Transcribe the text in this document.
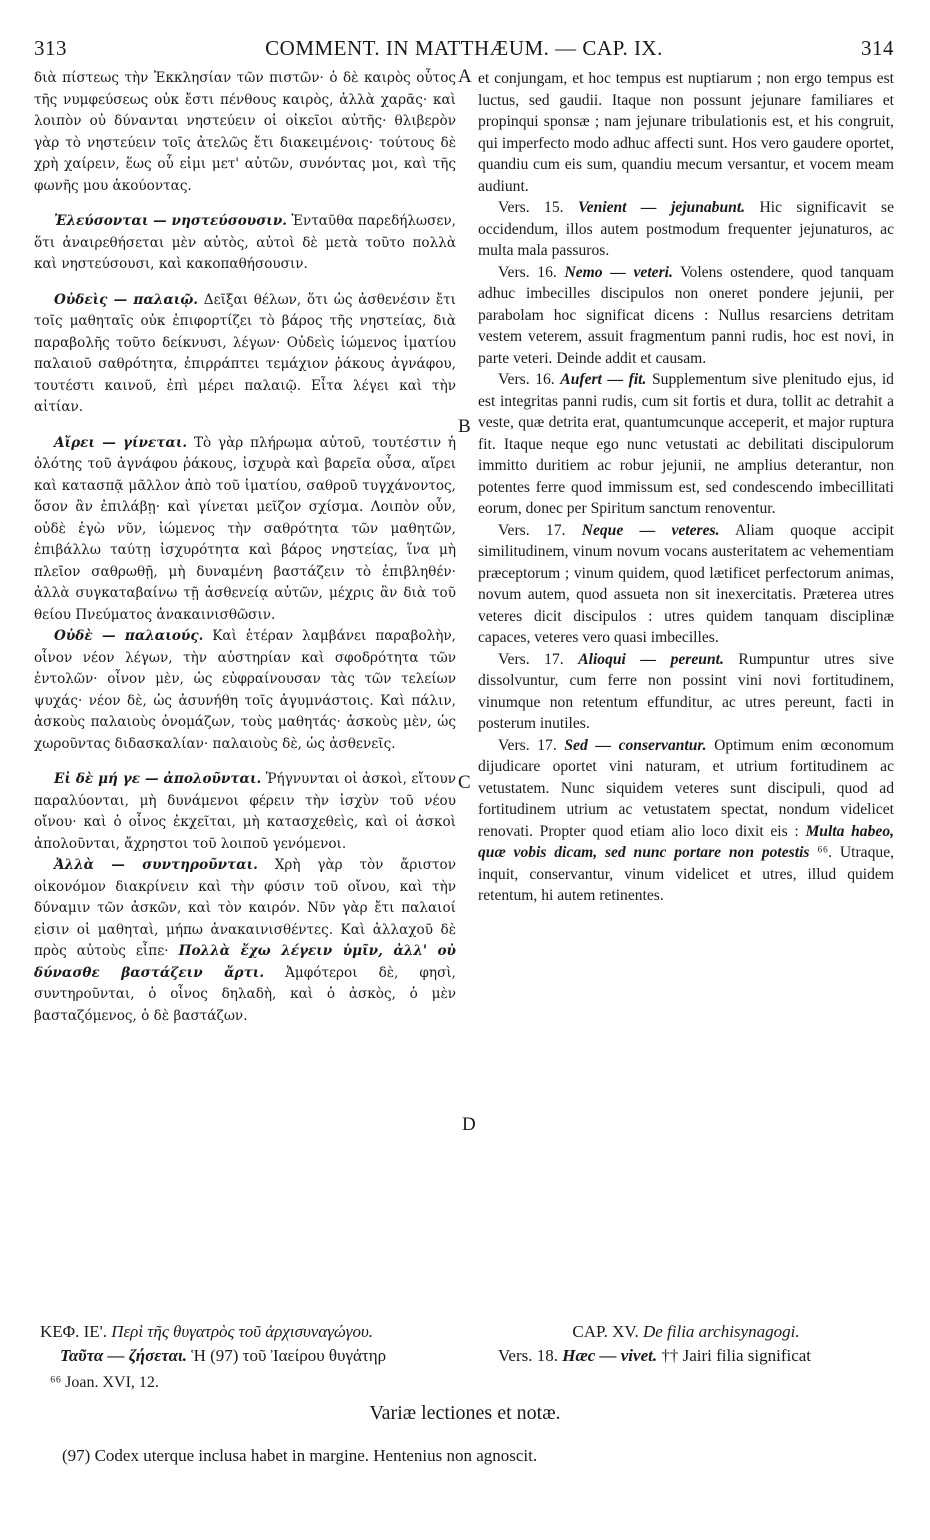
313	COMMENT. IN MATTHÆUM. — CAP. IX.	314
A
B
C
D

διὰ πίστεως τὴν Ἐκκλησίαν τῶν πιστῶν· ὁ δὲ καιρὸς οὗτος τῆς νυμφεύσεως οὐκ ἔστι πένθους καιρὸς, ἀλλὰ χαρᾶς· καὶ λοιπὸν οὐ δύνανται νηστεύειν οἱ οἰκεῖοι αὐτῆς· θλιβερὸν γὰρ τὸ νηστεύειν τοῖς ἀτελῶς ἔτι διακειμένοις· τούτους δὲ χρὴ χαίρειν, ἕως οὗ εἰμι μετ' αὐτῶν, συνόντας μοι, καὶ τῆς φωνῆς μου ἀκούοντας.

Ἐλεύσονται — νηστεύσουσιν. Ἐνταῦθα παρεδήλωσεν, ὅτι ἀναιρεθήσεται μὲν αὐτὸς, αὐτοὶ δὲ μετὰ τοῦτο πολλὰ καὶ νηστεύσουσι, καὶ κακοπαθήσουσιν.

Οὐδεὶς — παλαιῷ. Δεῖξαι θέλων, ὅτι ὡς ἀσθενέσιν ἔτι τοῖς μαθηταῖς οὐκ ἐπιφορτίζει τὸ βάρος τῆς νηστείας, διὰ παραβολῆς τοῦτο δείκνυσι, λέγων· Οὐδεὶς ἰώμενος ἱματίου παλαιοῦ σαθρότητα, ἐπιρράπτει τεμάχιον ῥάκους ἀγνάφου, τουτέστι καινοῦ, ἐπὶ μέρει παλαιῷ. Εἶτα λέγει καὶ τὴν αἰτίαν.

Αἴρει — γίνεται. Τὸ γὰρ πλήρωμα αὐτοῦ, τουτέστιν ἡ ὁλότης τοῦ ἀγνάφου ῥάκους, ἰσχυρὰ καὶ βαρεῖα οὖσα, αἴρει καὶ κατασπᾷ μᾶλλον ἀπὸ τοῦ ἱματίου, σαθροῦ τυγχάνοντος, ὅσον ἂν ἐπιλάβῃ· καὶ γίνεται μεῖζον σχίσμα. Λοιπὸν οὖν, οὐδὲ ἐγὼ νῦν, ἰώμενος τὴν σαθρότητα τῶν μαθητῶν, ἐπιβάλλω ταύτῃ ἰσχυρότητα καὶ βάρος νηστείας, ἵνα μὴ πλεῖον σαθρωθῇ, μὴ δυναμένη βαστάζειν τὸ ἐπιβληθέν· ἀλλὰ συγκαταβαίνω τῇ ἀσθενείᾳ αὐτῶν, μέχρις ἂν διὰ τοῦ θείου Πνεύματος ἀνακαινισθῶσιν.

Οὐδὲ — παλαιούς. Καὶ ἑτέραν λαμβάνει παραβολὴν, οἶνον νέον λέγων, τὴν αὐστηρίαν καὶ σφοδρότητα τῶν ἐντολῶν· οἶνον μὲν, ὡς εὐφραίνουσαν τὰς τῶν τελείων ψυχάς· νέον δὲ, ὡς ἀσυνήθη τοῖς ἀγυμνάστοις. Καὶ πάλιν, ἀσκοὺς παλαιοὺς ὀνομάζων, τοὺς μαθητάς· ἀσκοὺς μὲν, ὡς χωροῦντας διδασκαλίαν· παλαιοὺς δὲ, ὡς ἀσθενεῖς.

Εἰ δὲ μή γε — ἀπολοῦνται. Ῥήγνυνται οἱ ἀσκοὶ, εἴτουν παραλύονται, μὴ δυνάμενοι φέρειν τὴν ἰσχὺν τοῦ νέου οἴνου· καὶ ὁ οἶνος ἐκχεῖται, μὴ κατασχεθεὶς, καὶ οἱ ἀσκοὶ ἀπολοῦνται, ἄχρηστοι τοῦ λοιποῦ γενόμενοι.

Ἀλλὰ — συντηροῦνται. Χρὴ γὰρ τὸν ἄριστον οἰκονόμον διακρίνειν καὶ τὴν φύσιν τοῦ οἴνου, καὶ τὴν δύναμιν τῶν ἀσκῶν, καὶ τὸν καιρόν. Νῦν γὰρ ἔτι παλαιοί εἰσιν οἱ μαθηταὶ, μήπω ἀνακαινισθέντες. Καὶ ἀλλαχοῦ δὲ πρὸς αὐτοὺς εἶπε· Πολλὰ ἔχω λέγειν ὑμῖν, ἀλλ' οὐ δύνασθε βαστάζειν ἄρτι. Ἀμφότεροι δὲ, φησὶ, συντηροῦνται, ὁ οἶνος δηλαδὴ, καὶ ὁ ἀσκὸς, ὁ μὲν βασταζόμενος, ὁ δὲ βαστάζων.

et conjungam, et hoc tempus est nuptiarum ; non ergo tempus est luctus, sed gaudii. Itaque non possunt jejunare familiares et propinqui sponsæ ; nam jejunare tribulationis est, et his congruit, qui imperfecto modo adhuc affecti sunt. Hos vero gaudere oportet, quandiu cum eis sum, quandiu mecum versantur, et vocem meam audiunt.

Vers. 15. Venient — jejunabunt. Hic significavit se occidendum, illos autem postmodum frequenter jejunaturos, ac multa mala passuros.

Vers. 16. Nemo — veteri. Volens ostendere, quod tanquam adhuc imbecilles discipulos non oneret pondere jejunii, per parabolam hoc significat dicens : Nullus resarciens detritam vestem veterem, assuit fragmentum panni rudis, hoc est novi, in parte veteri. Deinde addit et causam.

Vers. 16. Aufert — fit. Supplementum sive plenitudo ejus, id est integritas panni rudis, cum sit fortis et dura, tollit ac detrahit a veste, quæ detrita erat, quantumcunque acceperit, et major ruptura fit. Itaque neque ego nunc vetustati ac debilitati discipulorum immitto duritiem ac robur jejunii, ne amplius deterantur, non potentes ferre quod immissum est, sed condescendo imbecillitati eorum, donec per Spiritum sanctum renoventur.

Vers. 17. Neque — veteres. Aliam quoque accipit similitudinem, vinum novum vocans austeritatem ac vehementiam præceptorum ; vinum quidem, quod lætificet perfectorum animas, novum autem, quod assueta non sit inexercitatis. Præterea utres veteres dicit discipulos : utres quidem tanquam disciplinæ capaces, veteres vero quasi imbecilles.

Vers. 17. Alioqui — pereunt. Rumpuntur utres sive dissolvuntur, cum ferre non possint vini novi fortitudinem, vinumque non retentum effunditur, ac utres pereunt, facti in posterum inutiles.

Vers. 17. Sed — conservantur. Optimum enim œconomum dijudicare oportet vini naturam, et utrium fortitudinem ac vetustatem. Nunc siquidem veteres sunt discipuli, quod ad fortitudinem utrium ac vetustatem spectat, nondum videlicet renovati. Propter quod etiam alio loco dixit eis : Multa habeo, quæ vobis dicam, sed nunc portare non potestis ⁶⁶. Utraque, inquit, conservantur, vinum videlicet et utres, illud quidem retentum, hi autem retinentes.

ΚΕΦ. ΙΕ'. Περὶ τῆς θυγατρὸς τοῦ ἀρχισυναγώγου.
Ταῦτα — ζήσεται. Ἡ (97) τοῦ Ἰαείρου θυγάτηρ
CAP. XV. De filia archisynagogi.
Vers. 18. Hæc — vivet. †† Jairi filia significat
⁶⁶ Joan. XVI, 12.
Variæ lectiones et notæ.
(97) Codex uterque inclusa habet in margine. Hentenius non agnoscit.
